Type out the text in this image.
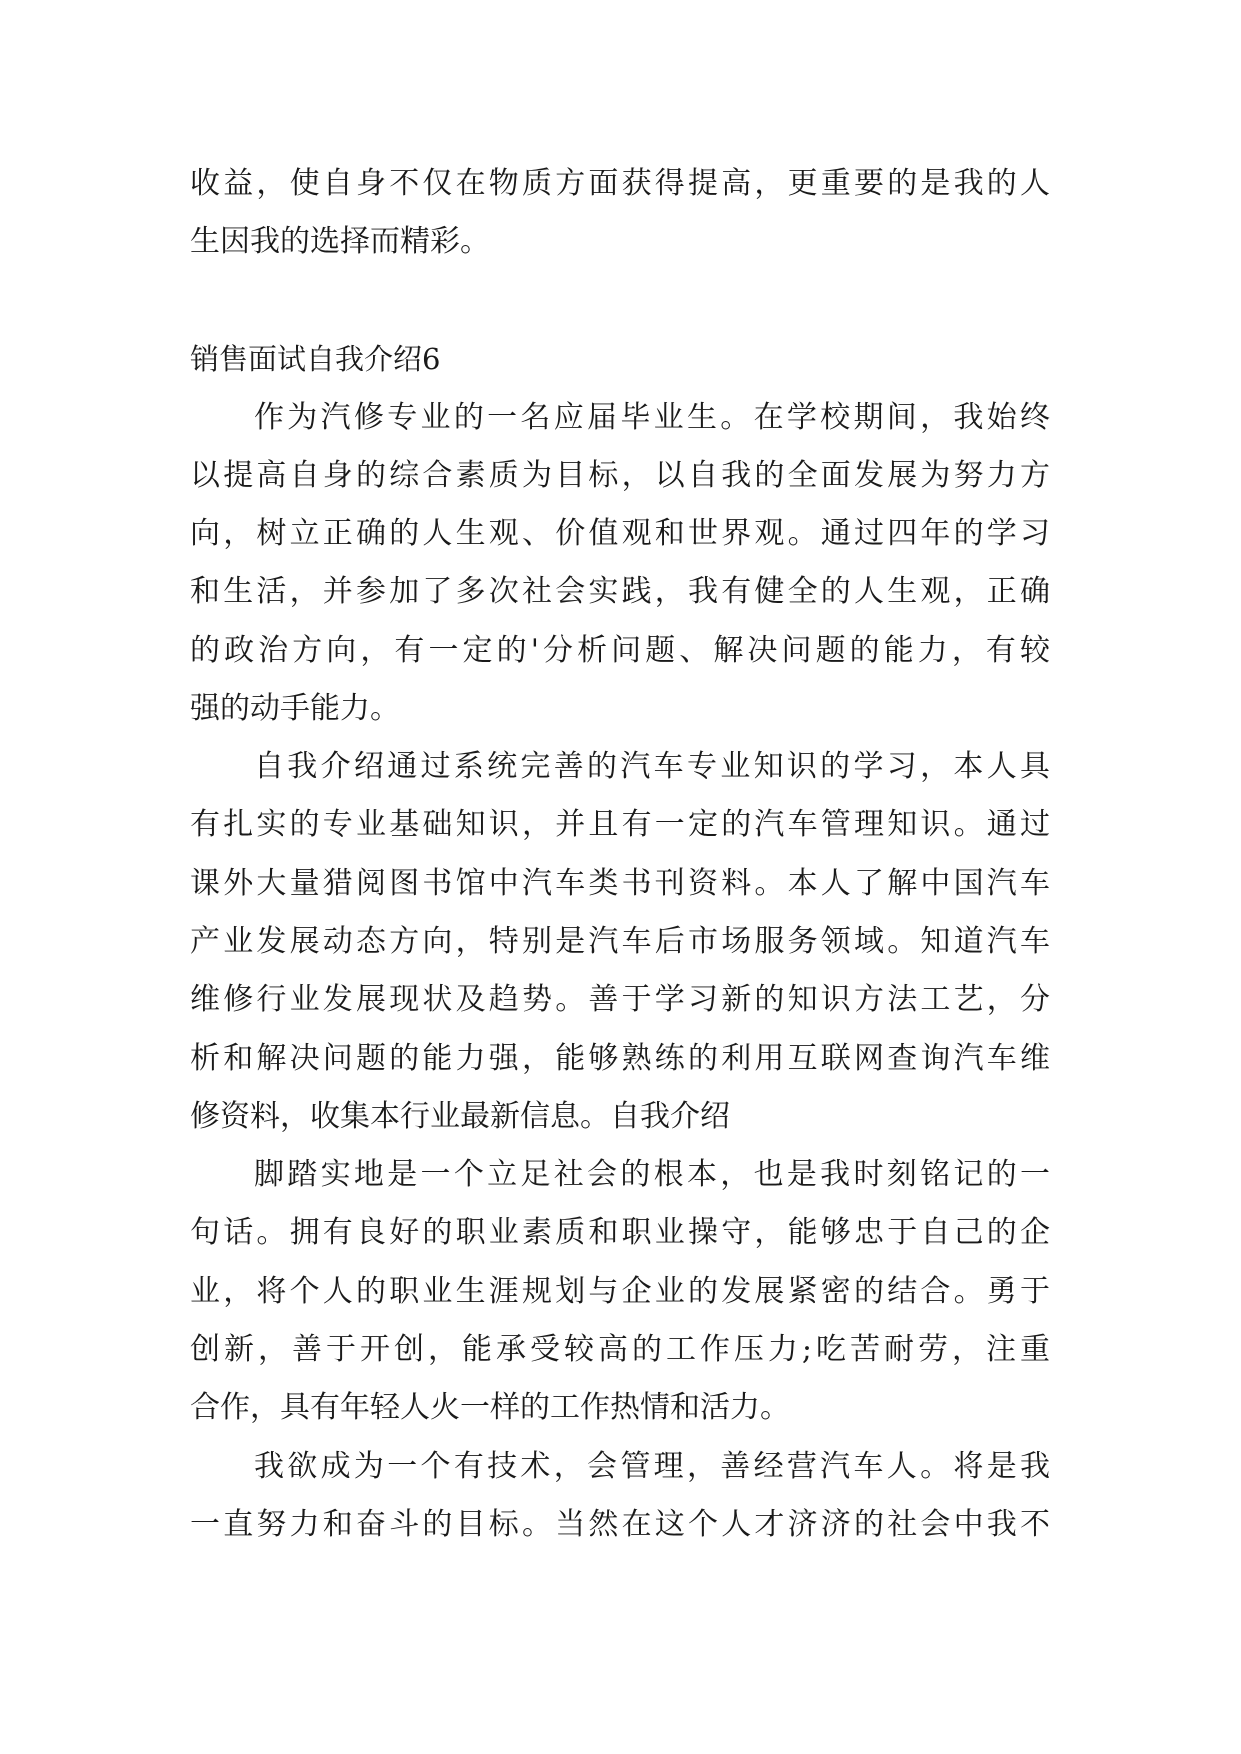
收益，使自身不仅在物质方面获得提高，更重要的是我的人
生因我的选择而精彩。
销售面试自我介绍6
作为汽修专业的一名应届毕业生。在学校期间，我始终
以提高自身的综合素质为目标，以自我的全面发展为努力方
向，树立正确的人生观、价值观和世界观。通过四年的学习
和生活，并参加了多次社会实践，我有健全的人生观，正确
的政治方向，有一定的'分析问题、解决问题的能力，有较
强的动手能力。
自我介绍通过系统完善的汽车专业知识的学习，本人具
有扎实的专业基础知识，并且有一定的汽车管理知识。通过
课外大量猎阅图书馆中汽车类书刊资料。本人了解中国汽车
产业发展动态方向，特别是汽车后市场服务领域。知道汽车
维修行业发展现状及趋势。善于学习新的知识方法工艺，分
析和解决问题的能力强，能够熟练的利用互联网查询汽车维
修资料，收集本行业最新信息。自我介绍
脚踏实地是一个立足社会的根本，也是我时刻铭记的一
句话。拥有良好的职业素质和职业操守，能够忠于自己的企
业，将个人的职业生涯规划与企业的发展紧密的结合。勇于
创新，善于开创，能承受较高的工作压力;吃苦耐劳，注重
合作，具有年轻人火一样的工作热情和活力。
我欲成为一个有技术，会管理，善经营汽车人。将是我
一直努力和奋斗的目标。当然在这个人才济济的社会中我不
